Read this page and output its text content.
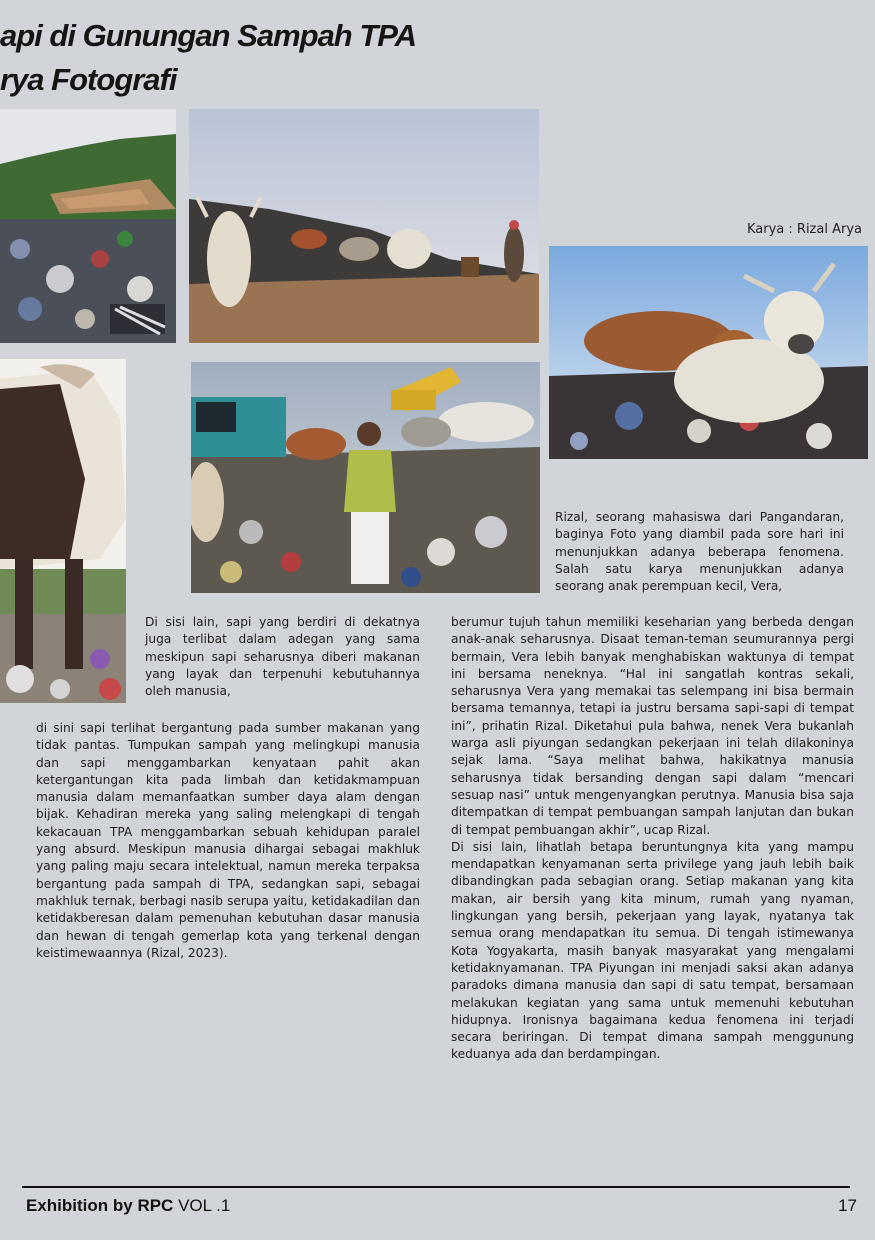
api di Gunungan Sampah TPA
rya Fotografi
Karya : Rizal Arya

Rizal, seorang mahasiswa dari Pangandaran, baginya Foto yang diambil pada sore hari ini menunjukkan adanya beberapa fenomena. Salah satu karya menunjukkan adanya seorang anak perempuan kecil, Vera,

Di sisi lain, sapi yang berdiri di dekatnya juga terlibat dalam adegan yang sama meskipun sapi seharusnya diberi makanan yang layak dan terpenuhi kebutuhannya oleh manusia,

di sini sapi terlihat bergantung pada sumber makanan yang tidak pantas. Tumpukan sampah yang melingkupi manusia dan sapi menggambarkan kenyataan pahit akan ketergantungan kita pada limbah dan ketidakmampuan manusia dalam memanfaatkan sumber daya alam dengan bijak. Kehadiran mereka yang saling melengkapi di tengah kekacauan TPA menggambarkan sebuah kehidupan paralel yang absurd. Meskipun manusia dihargai sebagai makhluk yang paling maju secara intelektual, namun mereka terpaksa bergantung pada sampah di TPA, sedangkan sapi, sebagai makhluk ternak, berbagi nasib serupa yaitu, ketidakadilan dan ketidakberesan dalam pemenuhan kebutuhan dasar manusia dan hewan di tengah gemerlap kota yang terkenal dengan keistimewaannya (Rizal, 2023).

berumur tujuh tahun memiliki keseharian yang berbeda dengan anak-anak seharusnya. Disaat teman-teman seumurannya pergi bermain, Vera lebih banyak menghabiskan waktunya di tempat ini bersama neneknya. “Hal ini sangatlah kontras sekali, seharusnya Vera yang memakai tas selempang ini bisa bermain bersama temannya, tetapi ia justru bersama sapi-sapi di tempat ini”, prihatin Rizal. Diketahui pula bahwa, nenek Vera bukanlah warga asli piyungan sedangkan pekerjaan ini telah dilakoninya sejak lama. “Saya melihat bahwa, hakikatnya manusia seharusnya tidak bersanding dengan sapi dalam “mencari sesuap nasi” untuk mengenyangkan perutnya. Manusia bisa saja ditempatkan di tempat pembuangan sampah lanjutan dan bukan di tempat pembuangan akhir”, ucap Rizal.

Di sisi lain, lihatlah betapa beruntungnya kita yang mampu mendapatkan kenyamanan serta privilege yang jauh lebih baik dibandingkan pada sebagian orang. Setiap makanan yang kita makan, air bersih yang kita minum, rumah yang nyaman, lingkungan yang bersih, pekerjaan yang layak, nyatanya tak semua orang mendapatkan itu semua. Di tengah istimewanya Kota Yogyakarta, masih banyak masyarakat yang mengalami ketidaknyamanan. TPA Piyungan ini menjadi saksi akan adanya paradoks dimana manusia dan sapi di satu tempat, bersamaan melakukan kegiatan yang sama untuk memenuhi kebutuhan hidupnya. Ironisnya bagaimana kedua fenomena ini terjadi secara beriringan. Di tempat dimana sampah menggunung keduanya ada dan berdampingan.

Exhibition by RPC VOL .1	17
